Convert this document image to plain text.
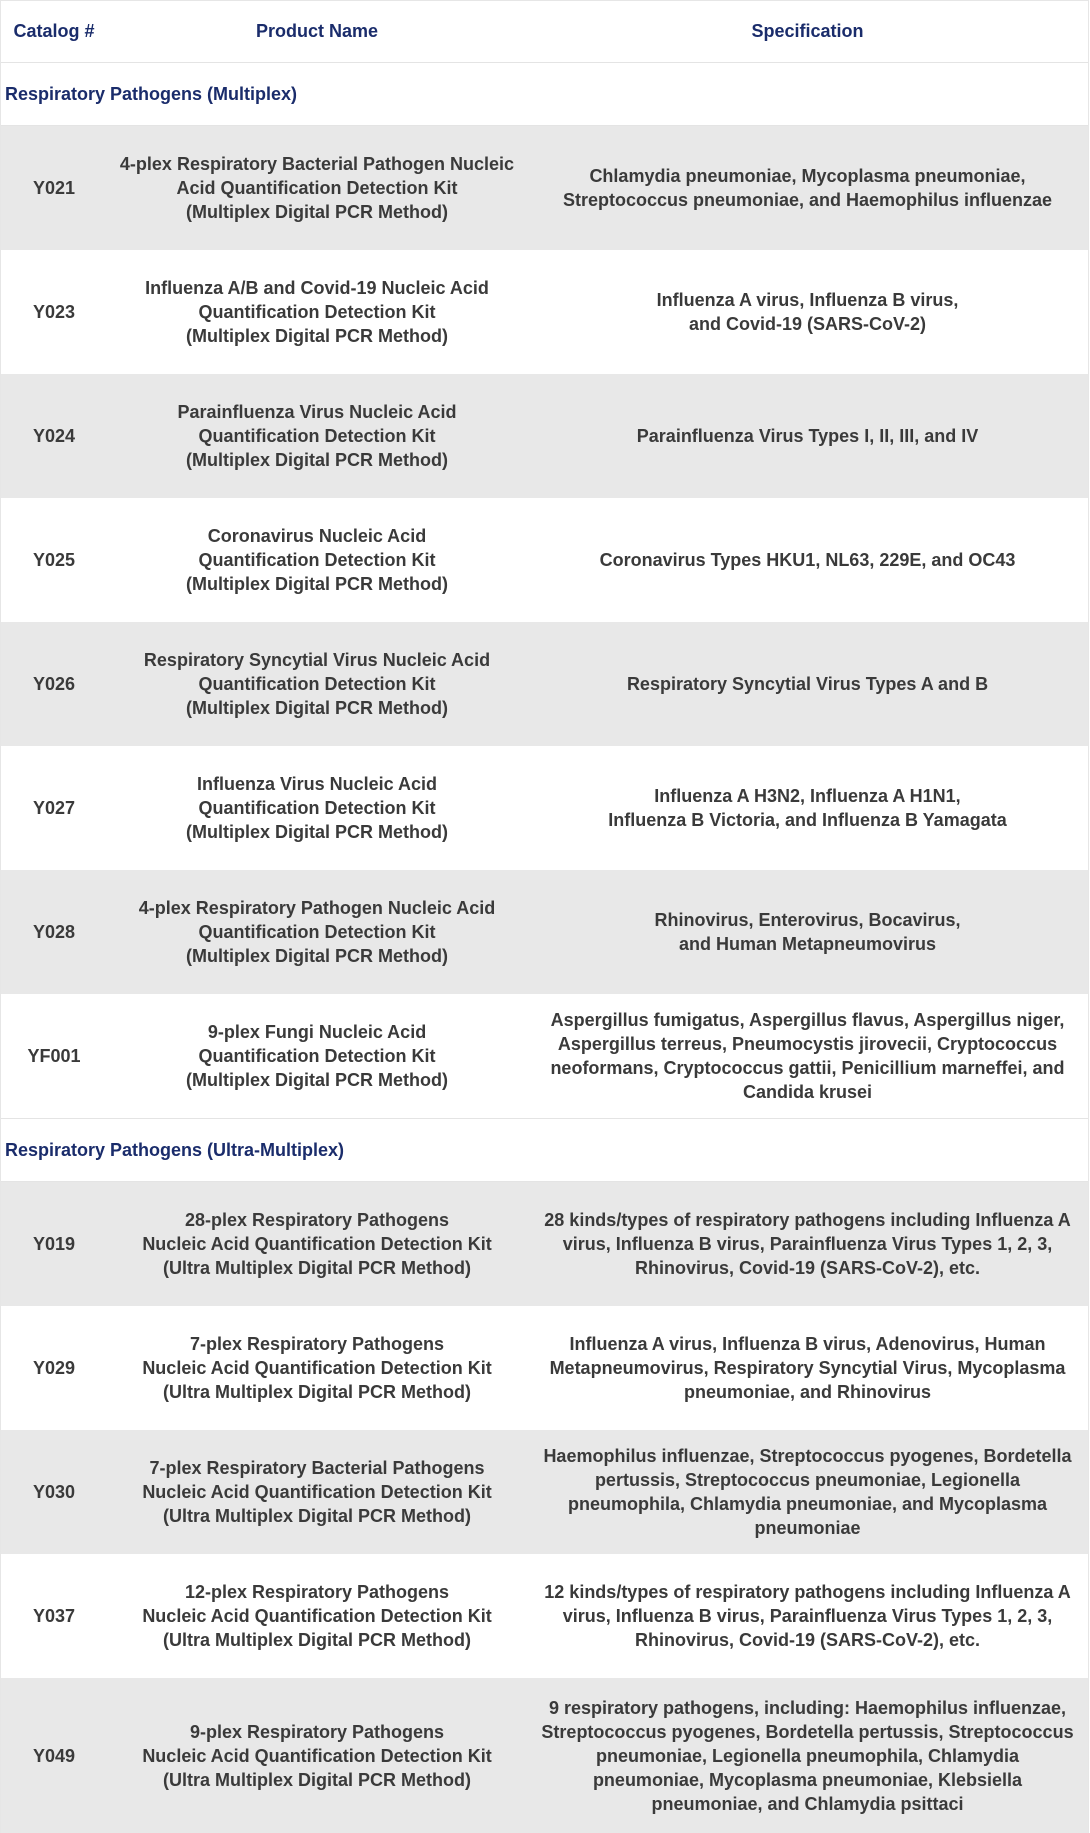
Catalog #	Product Name	Specification
Respiratory Pathogens (Multiplex)
Y021
4-plex Respiratory Bacterial Pathogen Nucleic
Acid Quantification Detection Kit
(Multiplex Digital PCR Method)
Chlamydia pneumoniae, Mycoplasma pneumoniae,
Streptococcus pneumoniae, and Haemophilus influenzae
Y023
Influenza A/B and Covid-19 Nucleic Acid
Quantification Detection Kit
(Multiplex Digital PCR Method)
Influenza A virus, Influenza B virus,
and Covid-19 (SARS-CoV-2)
Y024
Parainfluenza Virus Nucleic Acid
Quantification Detection Kit
(Multiplex Digital PCR Method)
Parainfluenza Virus Types I, II, III, and IV
Y025
Coronavirus Nucleic Acid
Quantification Detection Kit
(Multiplex Digital PCR Method)
Coronavirus Types HKU1, NL63, 229E, and OC43
Y026
Respiratory Syncytial Virus Nucleic Acid
Quantification Detection Kit
(Multiplex Digital PCR Method)
Respiratory Syncytial Virus Types A and B
Y027
Influenza Virus Nucleic Acid
Quantification Detection Kit
(Multiplex Digital PCR Method)
Influenza A H3N2, Influenza A H1N1,
Influenza B Victoria, and Influenza B Yamagata
Y028
4-plex Respiratory Pathogen Nucleic Acid
Quantification Detection Kit
(Multiplex Digital PCR Method)
Rhinovirus, Enterovirus, Bocavirus,
and Human Metapneumovirus
YF001
9-plex Fungi Nucleic Acid
Quantification Detection Kit
(Multiplex Digital PCR Method)
Aspergillus fumigatus, Aspergillus flavus, Aspergillus niger,
Aspergillus terreus, Pneumocystis jirovecii, Cryptococcus
neoformans, Cryptococcus gattii, Penicillium marneffei, and
Candida krusei
Respiratory Pathogens (Ultra-Multiplex)
Y019
28-plex Respiratory Pathogens
Nucleic Acid Quantification Detection Kit
(Ultra Multiplex Digital PCR Method)
28 kinds/types of respiratory pathogens including Influenza A
virus, Influenza B virus, Parainfluenza Virus Types 1, 2, 3,
Rhinovirus, Covid-19 (SARS-CoV-2), etc.
Y029
7-plex Respiratory Pathogens
Nucleic Acid Quantification Detection Kit
(Ultra Multiplex Digital PCR Method)
Influenza A virus, Influenza B virus, Adenovirus, Human
Metapneumovirus, Respiratory Syncytial Virus, Mycoplasma
pneumoniae, and Rhinovirus
Y030
7-plex Respiratory Bacterial Pathogens
Nucleic Acid Quantification Detection Kit
(Ultra Multiplex Digital PCR Method)
Haemophilus influenzae, Streptococcus pyogenes, Bordetella
pertussis, Streptococcus pneumoniae, Legionella
pneumophila, Chlamydia pneumoniae, and Mycoplasma
pneumoniae
Y037
12-plex Respiratory Pathogens
Nucleic Acid Quantification Detection Kit
(Ultra Multiplex Digital PCR Method)
12 kinds/types of respiratory pathogens including Influenza A
virus, Influenza B virus, Parainfluenza Virus Types 1, 2, 3,
Rhinovirus, Covid-19 (SARS-CoV-2), etc.
Y049
9-plex Respiratory Pathogens
Nucleic Acid Quantification Detection Kit
(Ultra Multiplex Digital PCR Method)
9 respiratory pathogens, including: Haemophilus influenzae,
Streptococcus pyogenes, Bordetella pertussis, Streptococcus
pneumoniae, Legionella pneumophila, Chlamydia
pneumoniae, Mycoplasma pneumoniae, Klebsiella
pneumoniae, and Chlamydia psittaci
